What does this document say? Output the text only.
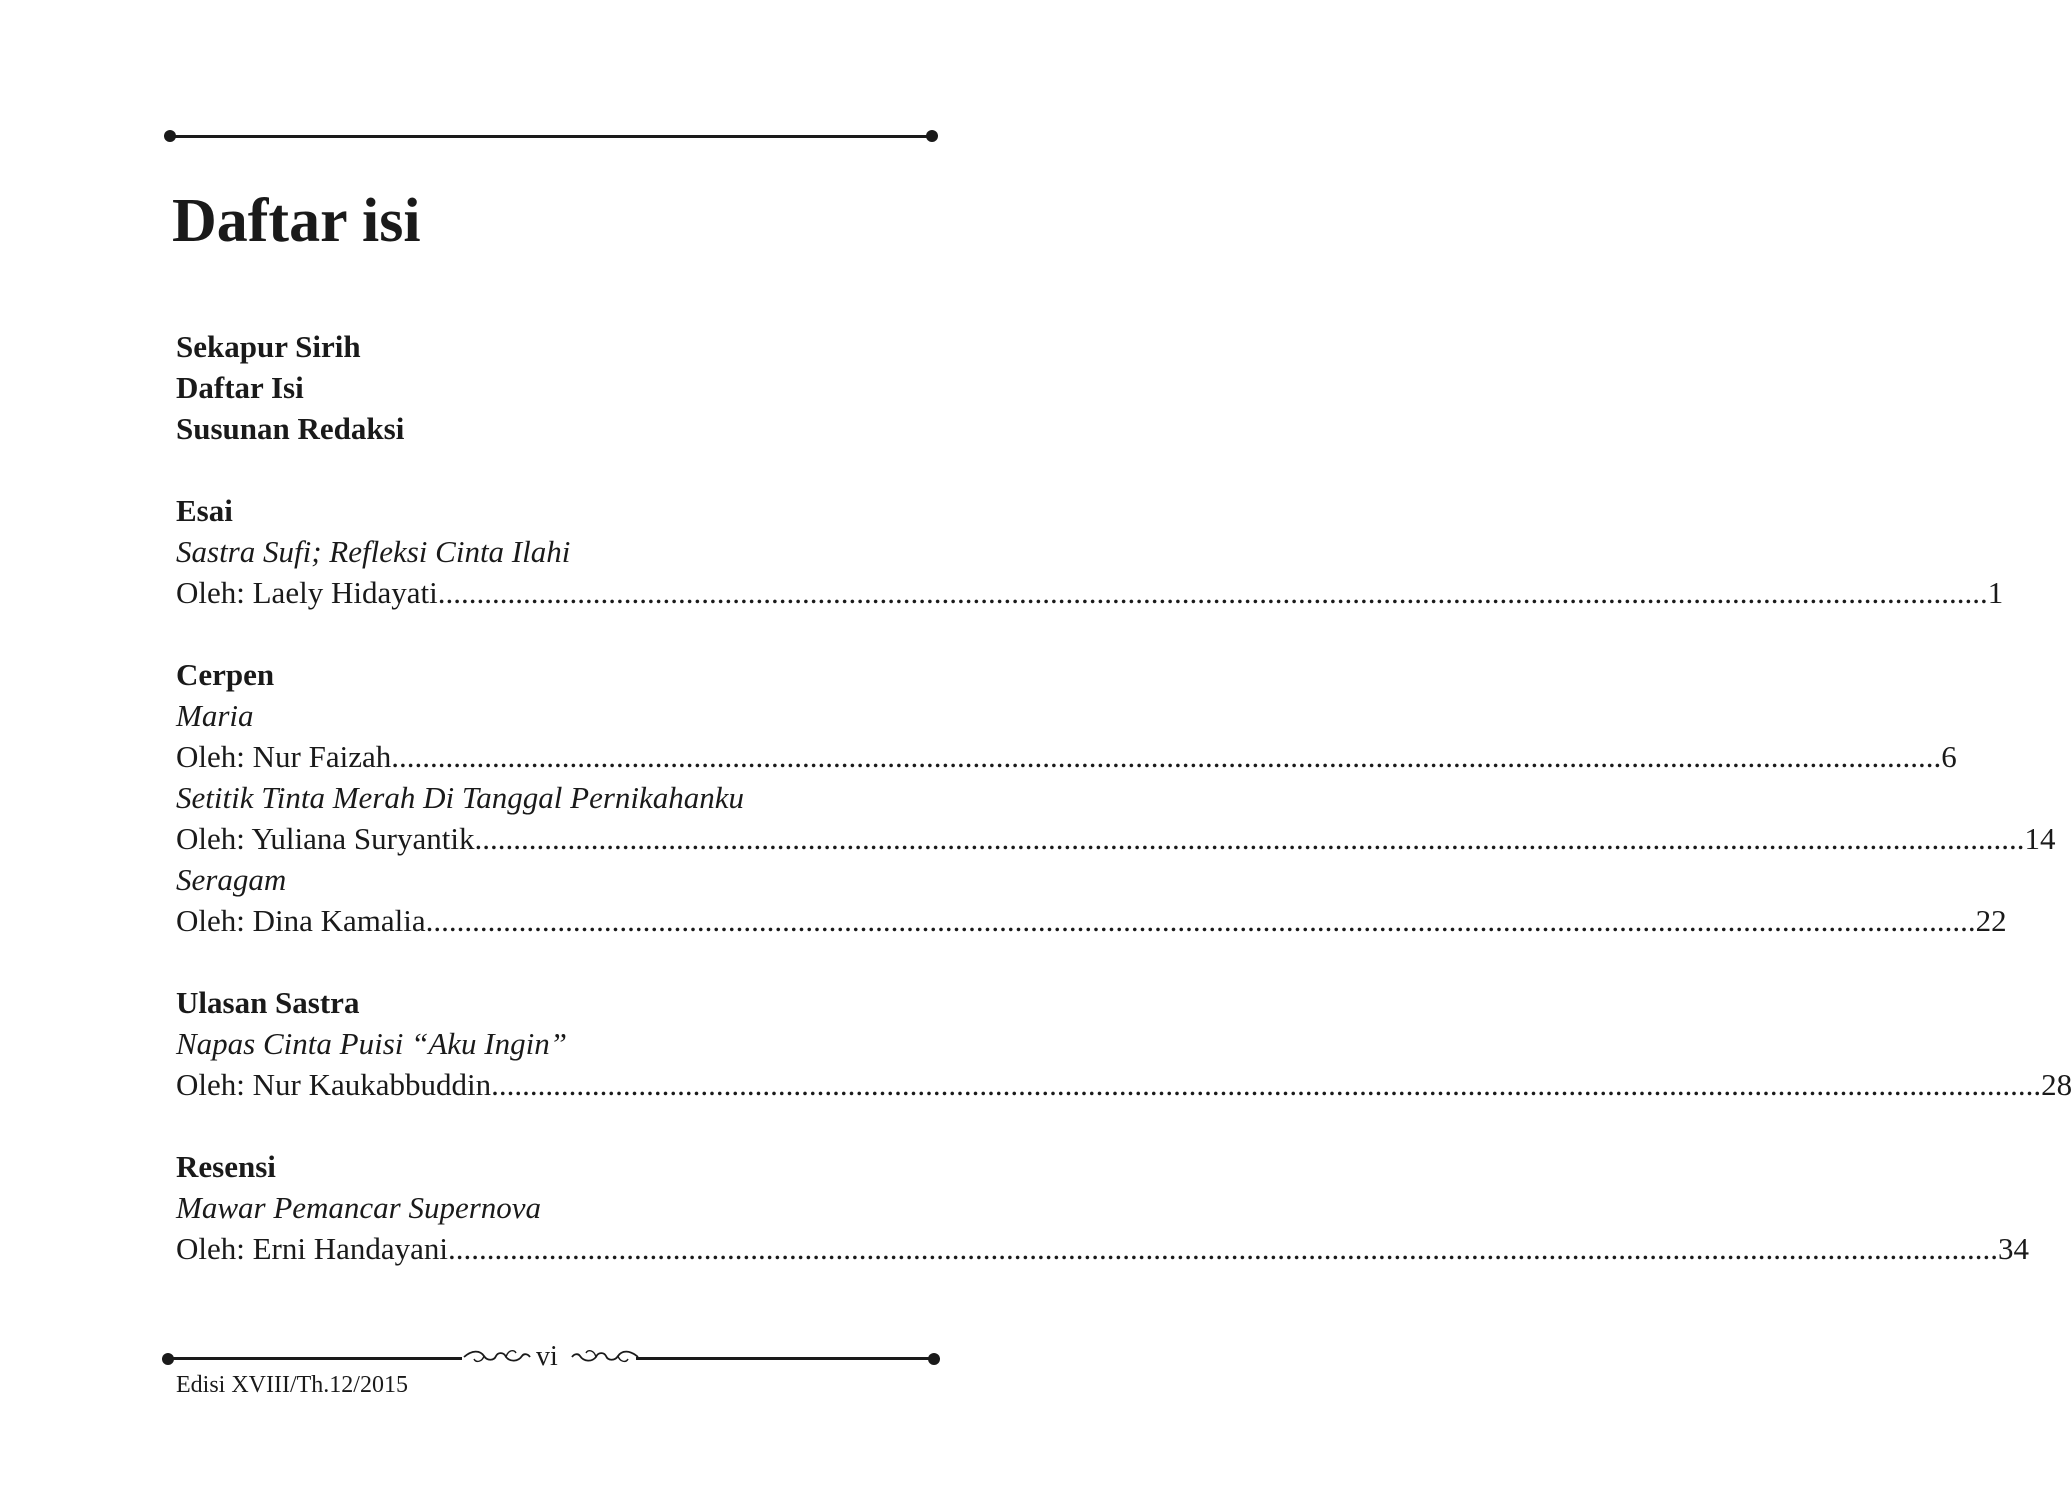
Daftar isi
Sekapur Sirih
Daftar Isi
Susunan Redaksi
Esai
Sastra Sufi; Refleksi Cinta Ilahi
Oleh: Laely Hidayati ........................................................................................................................................................................................................ 1
Cerpen
Maria
Oleh: Nur Faizah ........................................................................................................................................................................................................ 6
Setitik Tinta Merah Di Tanggal Pernikahanku
Oleh: Yuliana Suryantik ........................................................................................................................................................................................................ 14
Seragam
Oleh: Dina Kamalia ........................................................................................................................................................................................................ 22
Ulasan Sastra
Napas Cinta Puisi “Aku Ingin”
Oleh: Nur Kaukabbuddin ........................................................................................................................................................................................................ 28
Resensi
Mawar Pemancar Supernova
Oleh: Erni Handayani ........................................................................................................................................................................................................ 34
vi
Edisi XVIII/Th.12/2015
